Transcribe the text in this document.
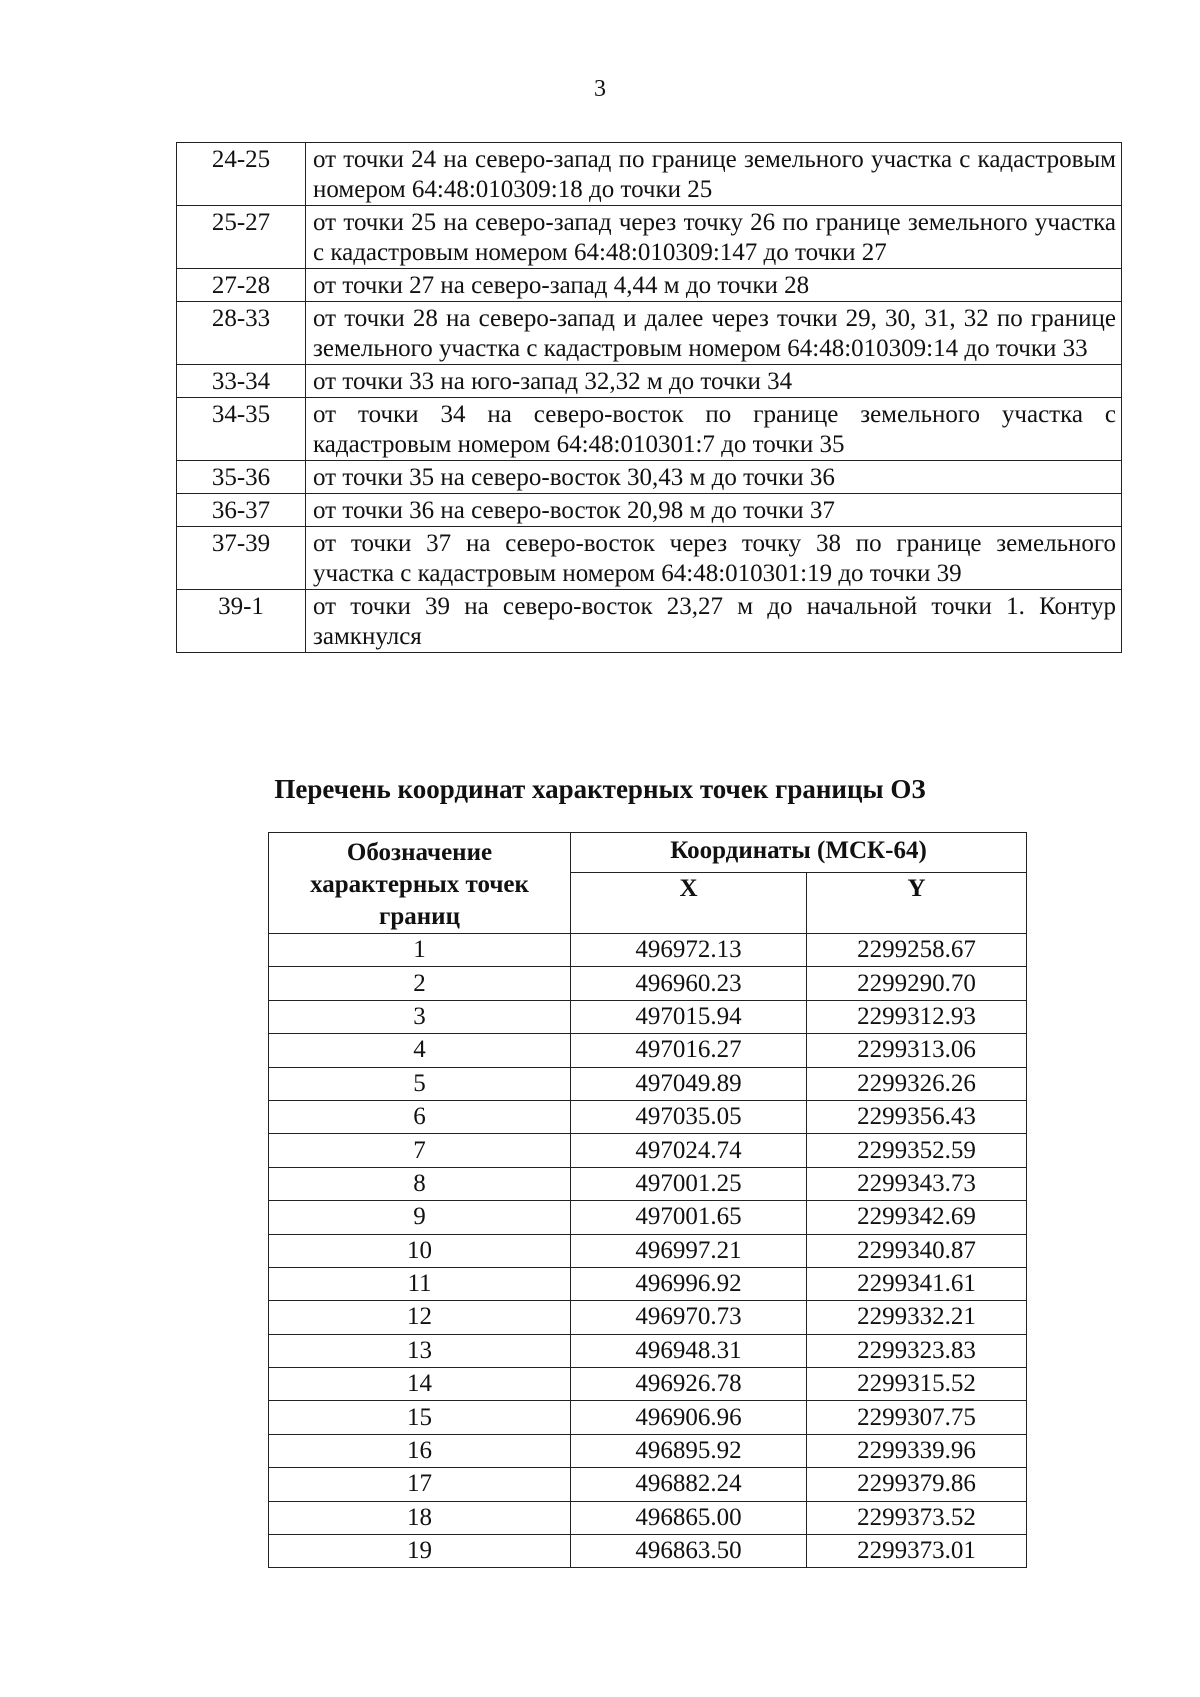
3
24-25	от точки 24 на северо-запад по границе земельного участка с кадастровым номером 64:48:010309:18 до точки 25
25-27	от точки 25 на северо-запад через точку 26 по границе земельного участка с кадастровым номером 64:48:010309:147 до точки 27
27-28	от точки 27 на северо-запад 4,44 м до точки 28
28-33	от точки 28 на северо-запад и далее через точки 29, 30, 31, 32 по границе земельного участка с кадастровым номером 64:48:010309:14 до точки 33
33-34	от точки 33 на юго-запад 32,32 м до точки 34
34-35	от точки 34 на северо-восток по границе земельного участка с кадастровым номером 64:48:010301:7 до точки 35
35-36	от точки 35 на северо-восток 30,43 м до точки 36
36-37	от точки 36 на северо-восток 20,98 м до точки 37
37-39	от точки 37 на северо-восток через точку 38 по границе земельного участка с кадастровым номером 64:48:010301:19 до точки 39
39-1	от точки 39 на северо-восток 23,27 м до начальной точки 1. Контур замкнулся
Перечень координат характерных точек границы ОЗ
Обозначение характерных точек границ	Координаты (МСК-64)	
	X	Y
1	496972.13	2299258.67
2	496960.23	2299290.70
3	497015.94	2299312.93
4	497016.27	2299313.06
5	497049.89	2299326.26
6	497035.05	2299356.43
7	497024.74	2299352.59
8	497001.25	2299343.73
9	497001.65	2299342.69
10	496997.21	2299340.87
11	496996.92	2299341.61
12	496970.73	2299332.21
13	496948.31	2299323.83
14	496926.78	2299315.52
15	496906.96	2299307.75
16	496895.92	2299339.96
17	496882.24	2299379.86
18	496865.00	2299373.52
19	496863.50	2299373.01
